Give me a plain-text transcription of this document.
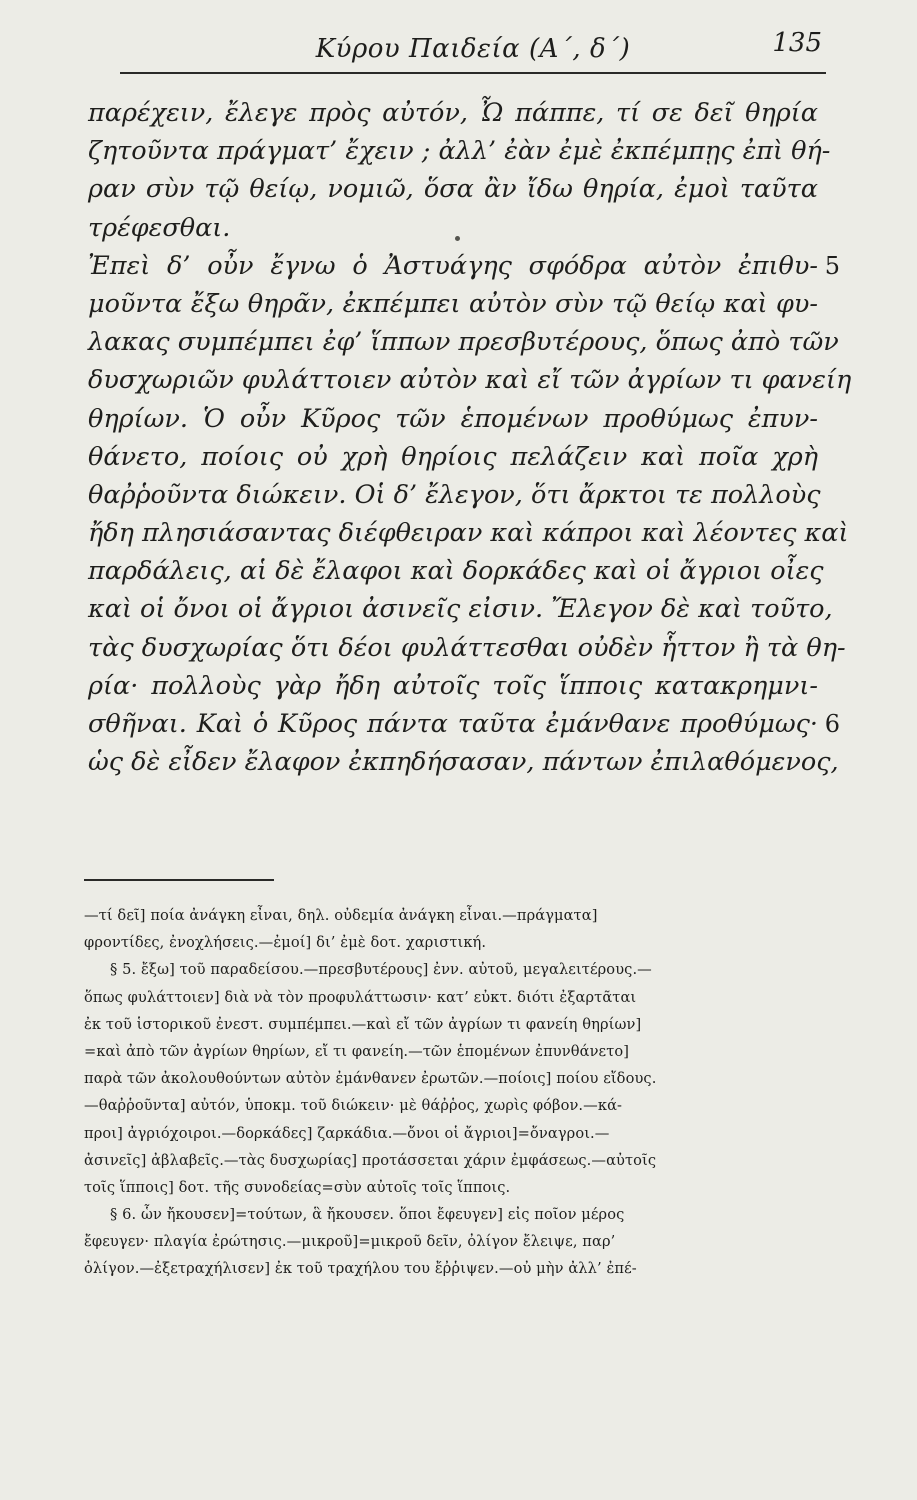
Κύρου Παιδεία (Α΄, δ΄)	135
παρέχειν, ἔλεγε πρὸς αὐτόν, Ὦ πάππε, τί σε δεῖ θηρία
ζητοῦντα πράγματ’ ἔχειν ; ἀλλ’ ἐὰν ἐμὲ ἐκπέμπῃς ἐπὶ θή-
ραν σὺν τῷ θείῳ, νομιῶ, ὅσα ἂν ἴδω θηρία, ἐμοὶ ταῦτα
τρέφεσθαι.
Ἐπεὶ δ’ οὖν ἔγνω ὁ Ἀστυάγης σφόδρα αὐτὸν ἐπιθυ- 5
μοῦντα ἔξω θηρᾶν, ἐκπέμπει αὐτὸν σὺν τῷ θείῳ καὶ φυ-
λακας συμπέμπει ἐφ’ ἵππων πρεσβυτέρους, ὅπως ἀπὸ τῶν
δυσχωριῶν φυλάττοιεν αὐτὸν καὶ εἴ τῶν ἀγρίων τι φανείη
θηρίων. Ὁ οὖν Κῦρος τῶν ἑπομένων προθύμως ἐπυν-
θάνετο, ποίοις οὐ χρὴ θηρίοις πελάζειν καὶ ποῖα χρὴ
θαῤῥοῦντα διώκειν. Οἱ δ’ ἔλεγον, ὅτι ἄρκτοι τε πολλοὺς
ἤδη πλησιάσαντας διέφθειραν καὶ κάπροι καὶ λέοντες καὶ
παρδάλεις, αἱ δὲ ἔλαφοι καὶ δορκάδες καὶ οἱ ἄγριοι οἶες
καὶ οἱ ὄνοι οἱ ἄγριοι ἀσινεῖς εἰσιν. Ἔλεγον δὲ καὶ τοῦτο,
τὰς δυσχωρίας ὅτι δέοι φυλάττεσθαι οὐδὲν ἧττον ἢ τὰ θη-
ρία· πολλοὺς γὰρ ἤδη αὐτοῖς τοῖς ἵπποις κατακρημνι-
σθῆναι. Καὶ ὁ Κῦρος πάντα ταῦτα ἐμάνθανε προθύμως· 6
ὡς δὲ εἶδεν ἔλαφον ἐκπηδήσασαν, πάντων ἐπιλαθόμενος,
—τί δεῖ] ποία ἀνάγκη εἶναι, δηλ. οὐδεμία ἀνάγκη εἶναι.—πράγματα]
φροντίδες, ἐνοχλήσεις.—ἐμοί] δι’ ἐμὲ δοτ. χαριστική.
§ 5. ἔξω] τοῦ παραδείσου.—πρεσβυτέρους] ἐνν. αὐτοῦ, μεγαλειτέρους.—
ὅπως φυλάττοιεν] διὰ νὰ τὸν προφυλάττωσιν· κατ’ εὐκτ. διότι ἐξαρτᾶται
ἐκ τοῦ ἱστορικοῦ ἐνεστ. συμπέμπει.—καὶ εἴ τῶν ἀγρίων τι φανείη θηρίων]
=καὶ ἀπὸ τῶν ἀγρίων θηρίων, εἴ τι φανείη.—τῶν ἑπομένων ἐπυνθάνετο]
παρὰ τῶν ἀκολουθούντων αὐτὸν ἐμάνθανεν ἐρωτῶν.—ποίοις] ποίου εἴδους.
—θαῤῥοῦντα] αὐτόν, ὑποκμ. τοῦ διώκειν· μὲ θάῤῥος, χωρὶς φόβον.—κά-
προι] ἀγριόχοιροι.—δορκάδες] ζαρκάδια.—ὄνοι οἱ ἄγριοι]=ὄναγροι.—
ἀσινεῖς] ἀβλαβεῖς.—τὰς δυσχωρίας] προτάσσεται χάριν ἐμφάσεως.—αὐτοῖς
τοῖς ἵπποις] δοτ. τῆς συνοδείας=σὺν αὐτοῖς τοῖς ἵπποις.
§ 6. ὧν ἤκουσεν]=τούτων, ἃ ἤκουσεν. ὅποι ἔφευγεν] εἰς ποῖον μέρος
ἔφευγεν· πλαγία ἐρώτησις.—μικροῦ]=μικροῦ δεῖν, ὀλίγον ἔλειψε, παρ’
ὀλίγον.—ἐξετραχήλισεν] ἐκ τοῦ τραχήλου του ἔῤῥιψεν.—οὐ μὴν ἀλλ’ ἐπέ-
